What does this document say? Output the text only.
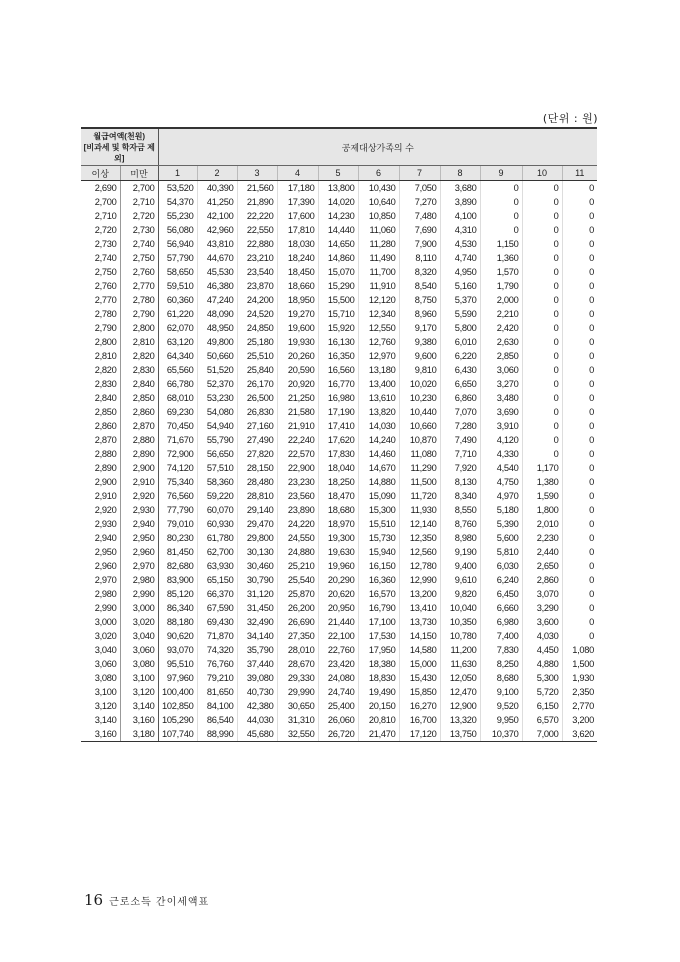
(단위 : 원)
월급여액(천원)
[비과세 및 학자금 제외]		공제대상가족의 수										
이상	미만	1	2	3	4	5	6	7	8	9	10	11
2,690	2,700	53,520	40,390	21,560	17,180	13,800	10,430	7,050	3,680	0	0	0
2,700	2,710	54,370	41,250	21,890	17,390	14,020	10,640	7,270	3,890	0	0	0
2,710	2,720	55,230	42,100	22,220	17,600	14,230	10,850	7,480	4,100	0	0	0
2,720	2,730	56,080	42,960	22,550	17,810	14,440	11,060	7,690	4,310	0	0	0
2,730	2,740	56,940	43,810	22,880	18,030	14,650	11,280	7,900	4,530	1,150	0	0
2,740	2,750	57,790	44,670	23,210	18,240	14,860	11,490	8,110	4,740	1,360	0	0
2,750	2,760	58,650	45,530	23,540	18,450	15,070	11,700	8,320	4,950	1,570	0	0
2,760	2,770	59,510	46,380	23,870	18,660	15,290	11,910	8,540	5,160	1,790	0	0
2,770	2,780	60,360	47,240	24,200	18,950	15,500	12,120	8,750	5,370	2,000	0	0
2,780	2,790	61,220	48,090	24,520	19,270	15,710	12,340	8,960	5,590	2,210	0	0
2,790	2,800	62,070	48,950	24,850	19,600	15,920	12,550	9,170	5,800	2,420	0	0
2,800	2,810	63,120	49,800	25,180	19,930	16,130	12,760	9,380	6,010	2,630	0	0
2,810	2,820	64,340	50,660	25,510	20,260	16,350	12,970	9,600	6,220	2,850	0	0
2,820	2,830	65,560	51,520	25,840	20,590	16,560	13,180	9,810	6,430	3,060	0	0
2,830	2,840	66,780	52,370	26,170	20,920	16,770	13,400	10,020	6,650	3,270	0	0
2,840	2,850	68,010	53,230	26,500	21,250	16,980	13,610	10,230	6,860	3,480	0	0
2,850	2,860	69,230	54,080	26,830	21,580	17,190	13,820	10,440	7,070	3,690	0	0
2,860	2,870	70,450	54,940	27,160	21,910	17,410	14,030	10,660	7,280	3,910	0	0
2,870	2,880	71,670	55,790	27,490	22,240	17,620	14,240	10,870	7,490	4,120	0	0
2,880	2,890	72,900	56,650	27,820	22,570	17,830	14,460	11,080	7,710	4,330	0	0
2,890	2,900	74,120	57,510	28,150	22,900	18,040	14,670	11,290	7,920	4,540	1,170	0
2,900	2,910	75,340	58,360	28,480	23,230	18,250	14,880	11,500	8,130	4,750	1,380	0
2,910	2,920	76,560	59,220	28,810	23,560	18,470	15,090	11,720	8,340	4,970	1,590	0
2,920	2,930	77,790	60,070	29,140	23,890	18,680	15,300	11,930	8,550	5,180	1,800	0
2,930	2,940	79,010	60,930	29,470	24,220	18,970	15,510	12,140	8,760	5,390	2,010	0
2,940	2,950	80,230	61,780	29,800	24,550	19,300	15,730	12,350	8,980	5,600	2,230	0
2,950	2,960	81,450	62,700	30,130	24,880	19,630	15,940	12,560	9,190	5,810	2,440	0
2,960	2,970	82,680	63,930	30,460	25,210	19,960	16,150	12,780	9,400	6,030	2,650	0
2,970	2,980	83,900	65,150	30,790	25,540	20,290	16,360	12,990	9,610	6,240	2,860	0
2,980	2,990	85,120	66,370	31,120	25,870	20,620	16,570	13,200	9,820	6,450	3,070	0
2,990	3,000	86,340	67,590	31,450	26,200	20,950	16,790	13,410	10,040	6,660	3,290	0
3,000	3,020	88,180	69,430	32,490	26,690	21,440	17,100	13,730	10,350	6,980	3,600	0
3,020	3,040	90,620	71,870	34,140	27,350	22,100	17,530	14,150	10,780	7,400	4,030	0
3,040	3,060	93,070	74,320	35,790	28,010	22,760	17,950	14,580	11,200	7,830	4,450	1,080
3,060	3,080	95,510	76,760	37,440	28,670	23,420	18,380	15,000	11,630	8,250	4,880	1,500
3,080	3,100	97,960	79,210	39,080	29,330	24,080	18,830	15,430	12,050	8,680	5,300	1,930
3,100	3,120	100,400	81,650	40,730	29,990	24,740	19,490	15,850	12,470	9,100	5,720	2,350
3,120	3,140	102,850	84,100	42,380	30,650	25,400	20,150	16,270	12,900	9,520	6,150	2,770
3,140	3,160	105,290	86,540	44,030	31,310	26,060	20,810	16,700	13,320	9,950	6,570	3,200
3,160	3,180	107,740	88,990	45,680	32,550	26,720	21,470	17,120	13,750	10,370	7,000	3,620
16 근로소득 간이세액표
